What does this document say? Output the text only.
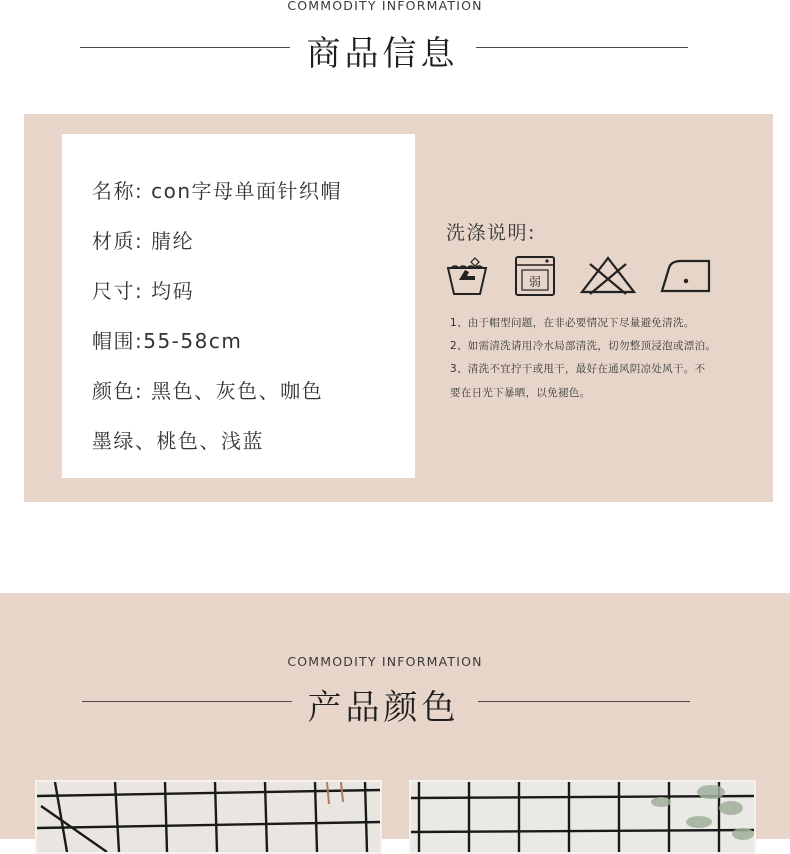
COMMODITY INFORMATION
商品信息
名称: con字母单面针织帽
材质: 腈纶
尺寸: 均码
帽围:55-58cm
颜色: 黑色、灰色、咖色
墨绿、桃色、浅蓝
洗涤说明:
弱
1、由于帽型问题，在非必要情况下尽量避免清洗。
2、如需清洗请用冷水局部清洗，切勿整顶浸泡或漂泊。
3、清洗不宜拧干或甩干，最好在通风阴凉处风干。不
要在日光下暴晒，以免褪色。
COMMODITY INFORMATION
产品颜色
